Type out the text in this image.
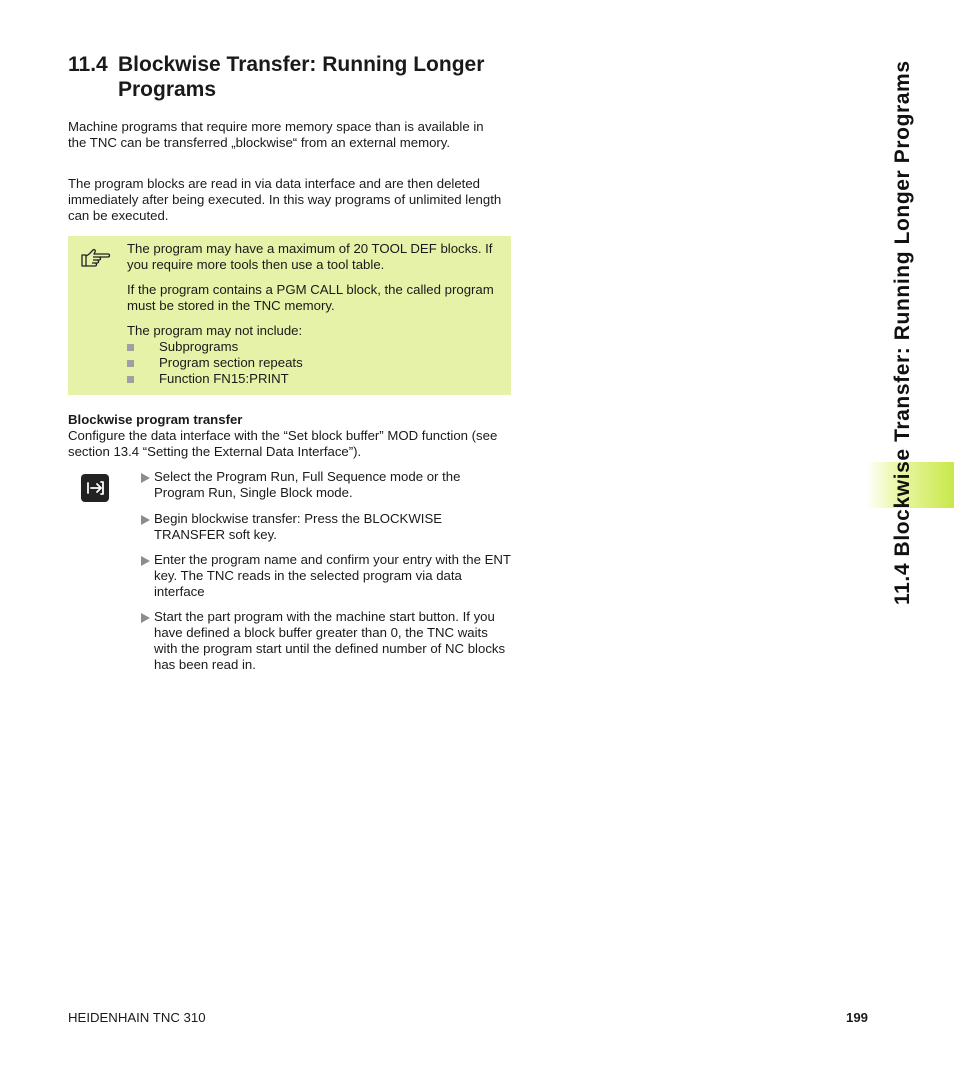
11.4 Blockwise Transfer: Running Longer
Programs

Machine programs that require more memory space than is available in the TNC can be transferred „blockwise“ from an external memory.

The program blocks are read in via data interface and are then deleted immediately after being executed. In this way programs of unlimited length can be executed.

The program may have a maximum of 20 TOOL DEF blocks. If you require more tools then use a tool table.

If the program contains a PGM CALL block, the called program must be stored in the TNC memory.

The program may not include:

Subprograms
Program section repeats
Function FN15:PRINT
Blockwise program transfer

Configure the data interface with the “Set block buffer” MOD function (see section 13.4 “Setting the External Data Interface”).

Select the Program Run, Full Sequence mode or the Program Run, Single Block mode.

Begin blockwise transfer: Press the BLOCKWISE TRANSFER soft key.

Enter the program name and confirm your entry with the ENT key. The TNC reads in the selected program via data interface

Start the part program with the machine start button. If you have defined a block buffer greater than 0, the TNC waits with the program start until the defined number of NC blocks has been read in.

11.4 Blockwise Transfer: Running Longer Programs
HEIDENHAIN TNC 310	199
